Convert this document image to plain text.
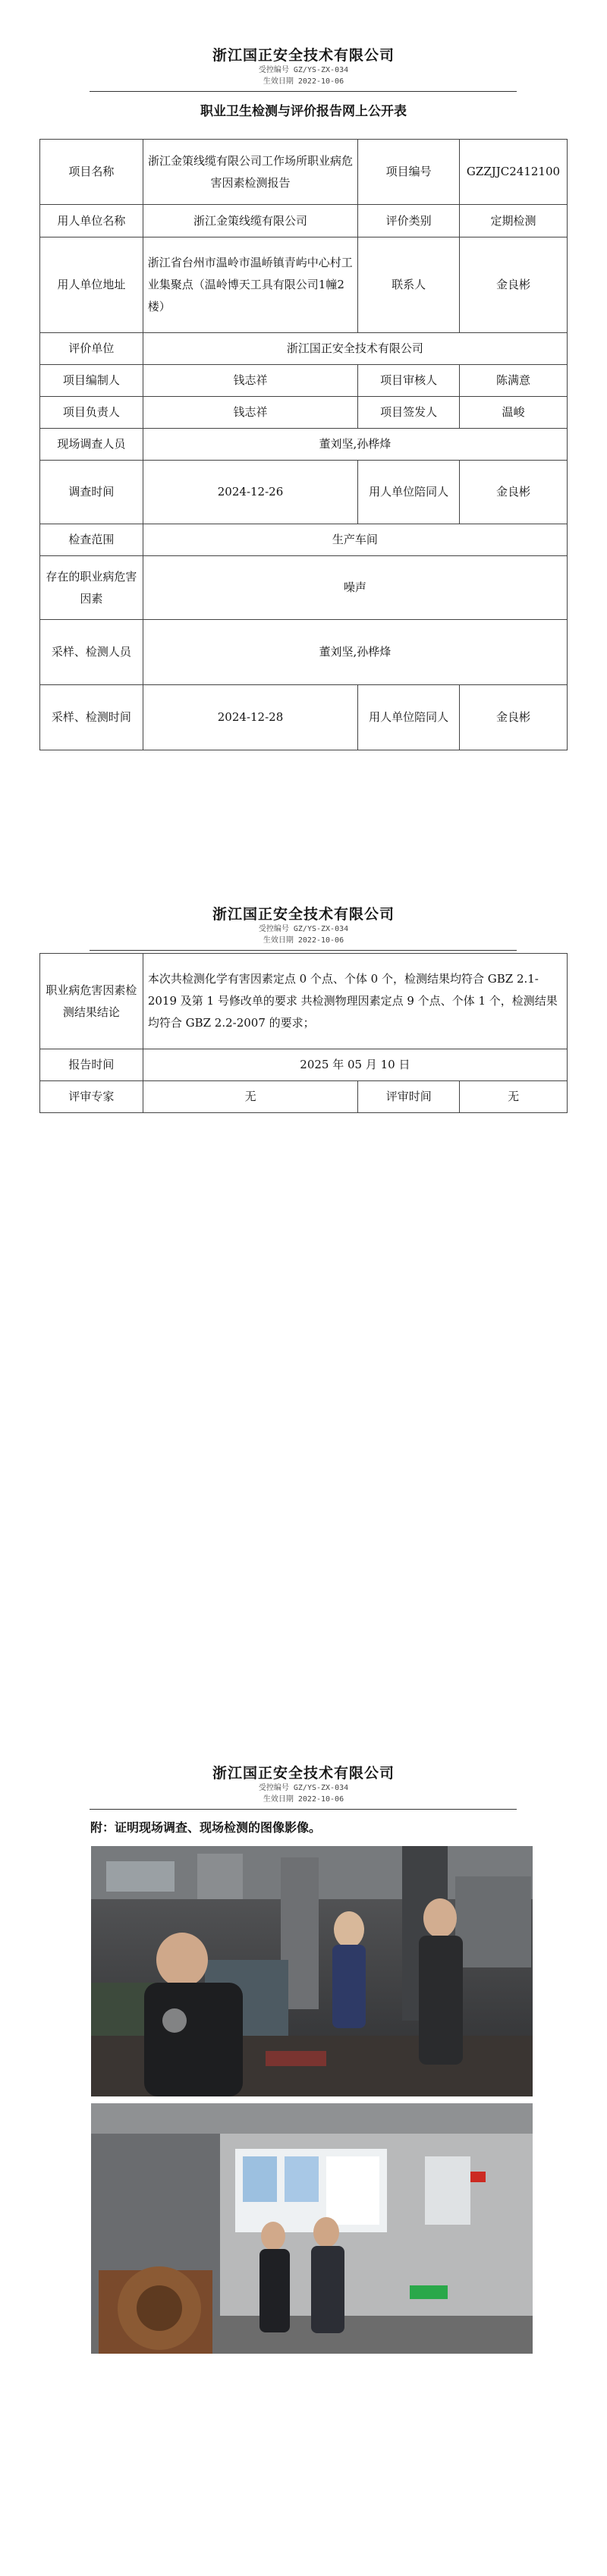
浙江国正安全技术有限公司
受控编号 GZ/YS-ZX-034
生效日期 2022-10-06
职业卫生检测与评价报告网上公开表
项目名称	浙江金策线缆有限公司工作场所职业病危害因素检测报告	项目编号	GZZJJC2412100
用人单位名称	浙江金策线缆有限公司	评价类别	定期检测
用人单位地址	浙江省台州市温岭市温峤镇青屿中心村工业集聚点（温岭博天工具有限公司1幢2楼）	联系人	金良彬
评价单位	浙江国正安全技术有限公司		
项目编制人	钱志祥	项目审核人	陈满意
项目负责人	钱志祥	项目签发人	温峻
现场调查人员	董刘坚,孙桦烽		
调查时间	2024-12-26	用人单位陪同人	金良彬
检查范围	生产车间		
存在的职业病危害因素	噪声		
采样、检测人员	董刘坚,孙桦烽		
采样、检测时间	2024-12-28	用人单位陪同人	金良彬
浙江国正安全技术有限公司
受控编号 GZ/YS-ZX-034
生效日期 2022-10-06
职业病危害因素检测结果结论	本次共检测化学有害因素定点 0 个点、个体 0 个，检测结果均符合 GBZ 2.1-2019 及第 1 号修改单的要求 共检测物理因素定点 9 个点、个体 1 个，检测结果均符合 GBZ 2.2-2007 的要求；		
报告时间	2025 年 05 月 10 日		
评审专家	无	评审时间	无
浙江国正安全技术有限公司
受控编号 GZ/YS-ZX-034
生效日期 2022-10-06
附：证明现场调查、现场检测的图像影像。
